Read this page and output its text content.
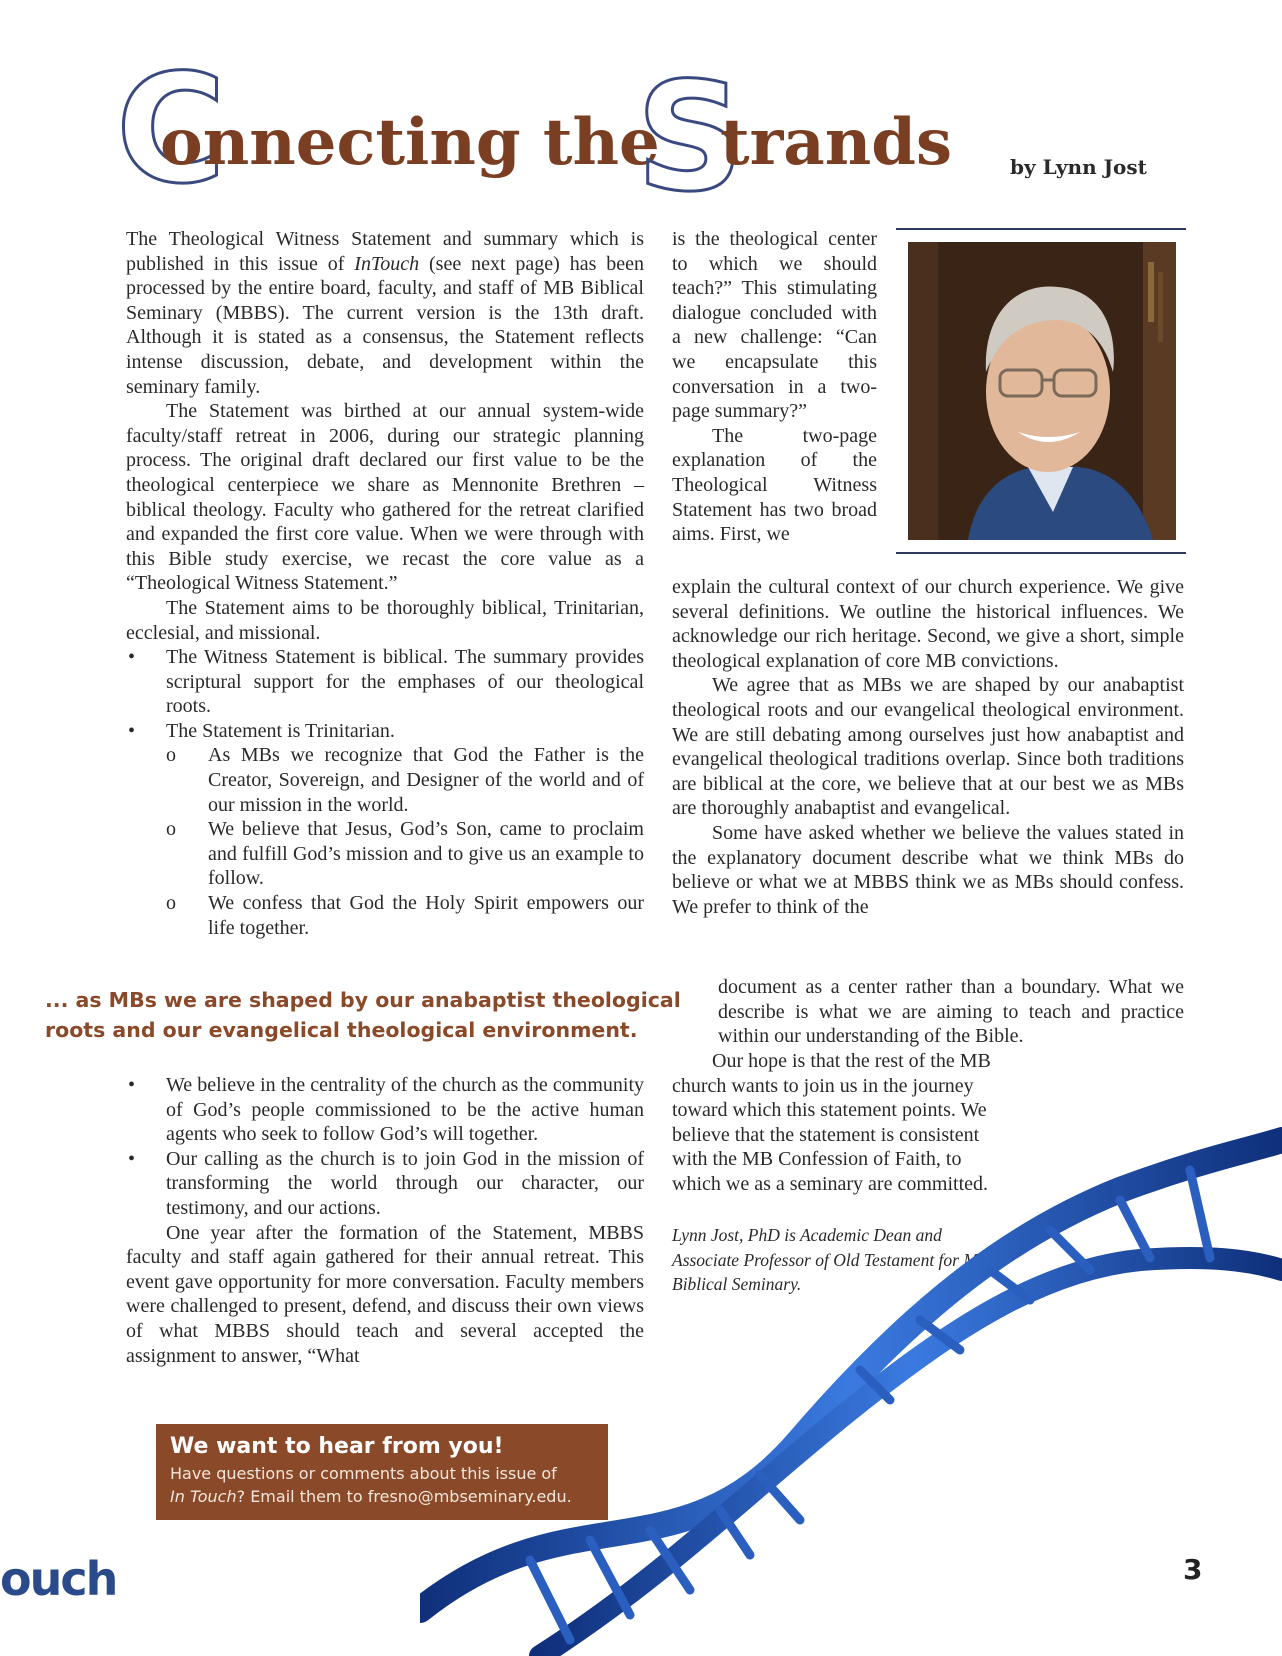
C
onnecting the
S
trands	by Lynn Jost

The Theological Witness Statement and summary which is published in this issue of InTouch (see next page) has been processed by the entire board, faculty, and staff of MB Biblical Seminary (MBBS). The current version is the 13th draft. Although it is stated as a consensus, the Statement reflects intense discussion, debate, and development within the seminary family.

The Statement was birthed at our annual system-wide faculty/staff retreat in 2006, during our strategic planning process. The original draft declared our first value to be the theological centerpiece we share as Mennonite Brethren – biblical theology. Faculty who gathered for the retreat clarified and expanded the first core value. When we were through with this Bible study exercise, we recast the core value as a “Theological Witness Statement.”

The Statement aims to be thoroughly biblical, Trinitarian, ecclesial, and missional.

• The Witness Statement is biblical. The summary provides scriptural support for the emphases of our theological roots.
• The Statement is Trinitarian.
o As MBs we recognize that God the Father is the Creator, Sovereign, and Designer of the world and of our mission in the world.
o We believe that Jesus, God’s Son, came to proclaim and fulfill God’s mission and to give us an example to follow.
o We confess that God the Holy Spirit empowers our life together.
... as MBs we are shaped by our anabaptist theological roots and our evangelical theological environment.
• We believe in the centrality of the church as the community of God’s people commissioned to be the active human agents who seek to follow God’s will together.
• Our calling as the church is to join God in the mission of transforming the world through our character, our testimony, and our actions.

One year after the formation of the Statement, MBBS faculty and staff again gathered for their annual retreat. This event gave opportunity for more conversation. Faculty members were challenged to present, defend, and discuss their own views of what MBBS should teach and several accepted the assignment to answer, “What

is the theological center to which we should teach?” This stimulating dialogue concluded with a new challenge: “Can we encapsulate this conversation in a two-page summary?”

The two-page explanation of the Theological Witness Statement has two broad aims. First, we

explain the cultural context of our church experience. We give several definitions. We outline the historical influences. We acknowledge our rich heritage. Second, we give a short, simple theological explanation of core MB convictions.

We agree that as MBs we are shaped by our anabaptist theological roots and our evangelical theological environment. We are still debating among ourselves just how anabaptist and evangelical theological traditions overlap. Since both traditions are biblical at the core, we believe that at our best we as MBs are thoroughly anabaptist and evangelical.

Some have asked whether we believe the values stated in the explanatory document describe what we think MBs do believe or what we at MBBS think we as MBs should confess. We prefer to think of the

document as a center rather than a boundary. What we describe is what we are aiming to teach and practice within our understanding of the Bible.

Our hope is that the rest of the MB church wants to join us in the journey toward which this statement points. We believe that the statement is consistent with the MB Confession of Faith, to which we as a seminary are committed.

Lynn Jost, PhD is Academic Dean and Associate Professor of Old Testament for MB Biblical Seminary.
We want to hear from you!
Have questions or comments about this issue of
In Touch? Email them to fresno@mbseminary.edu.
ouch	3
